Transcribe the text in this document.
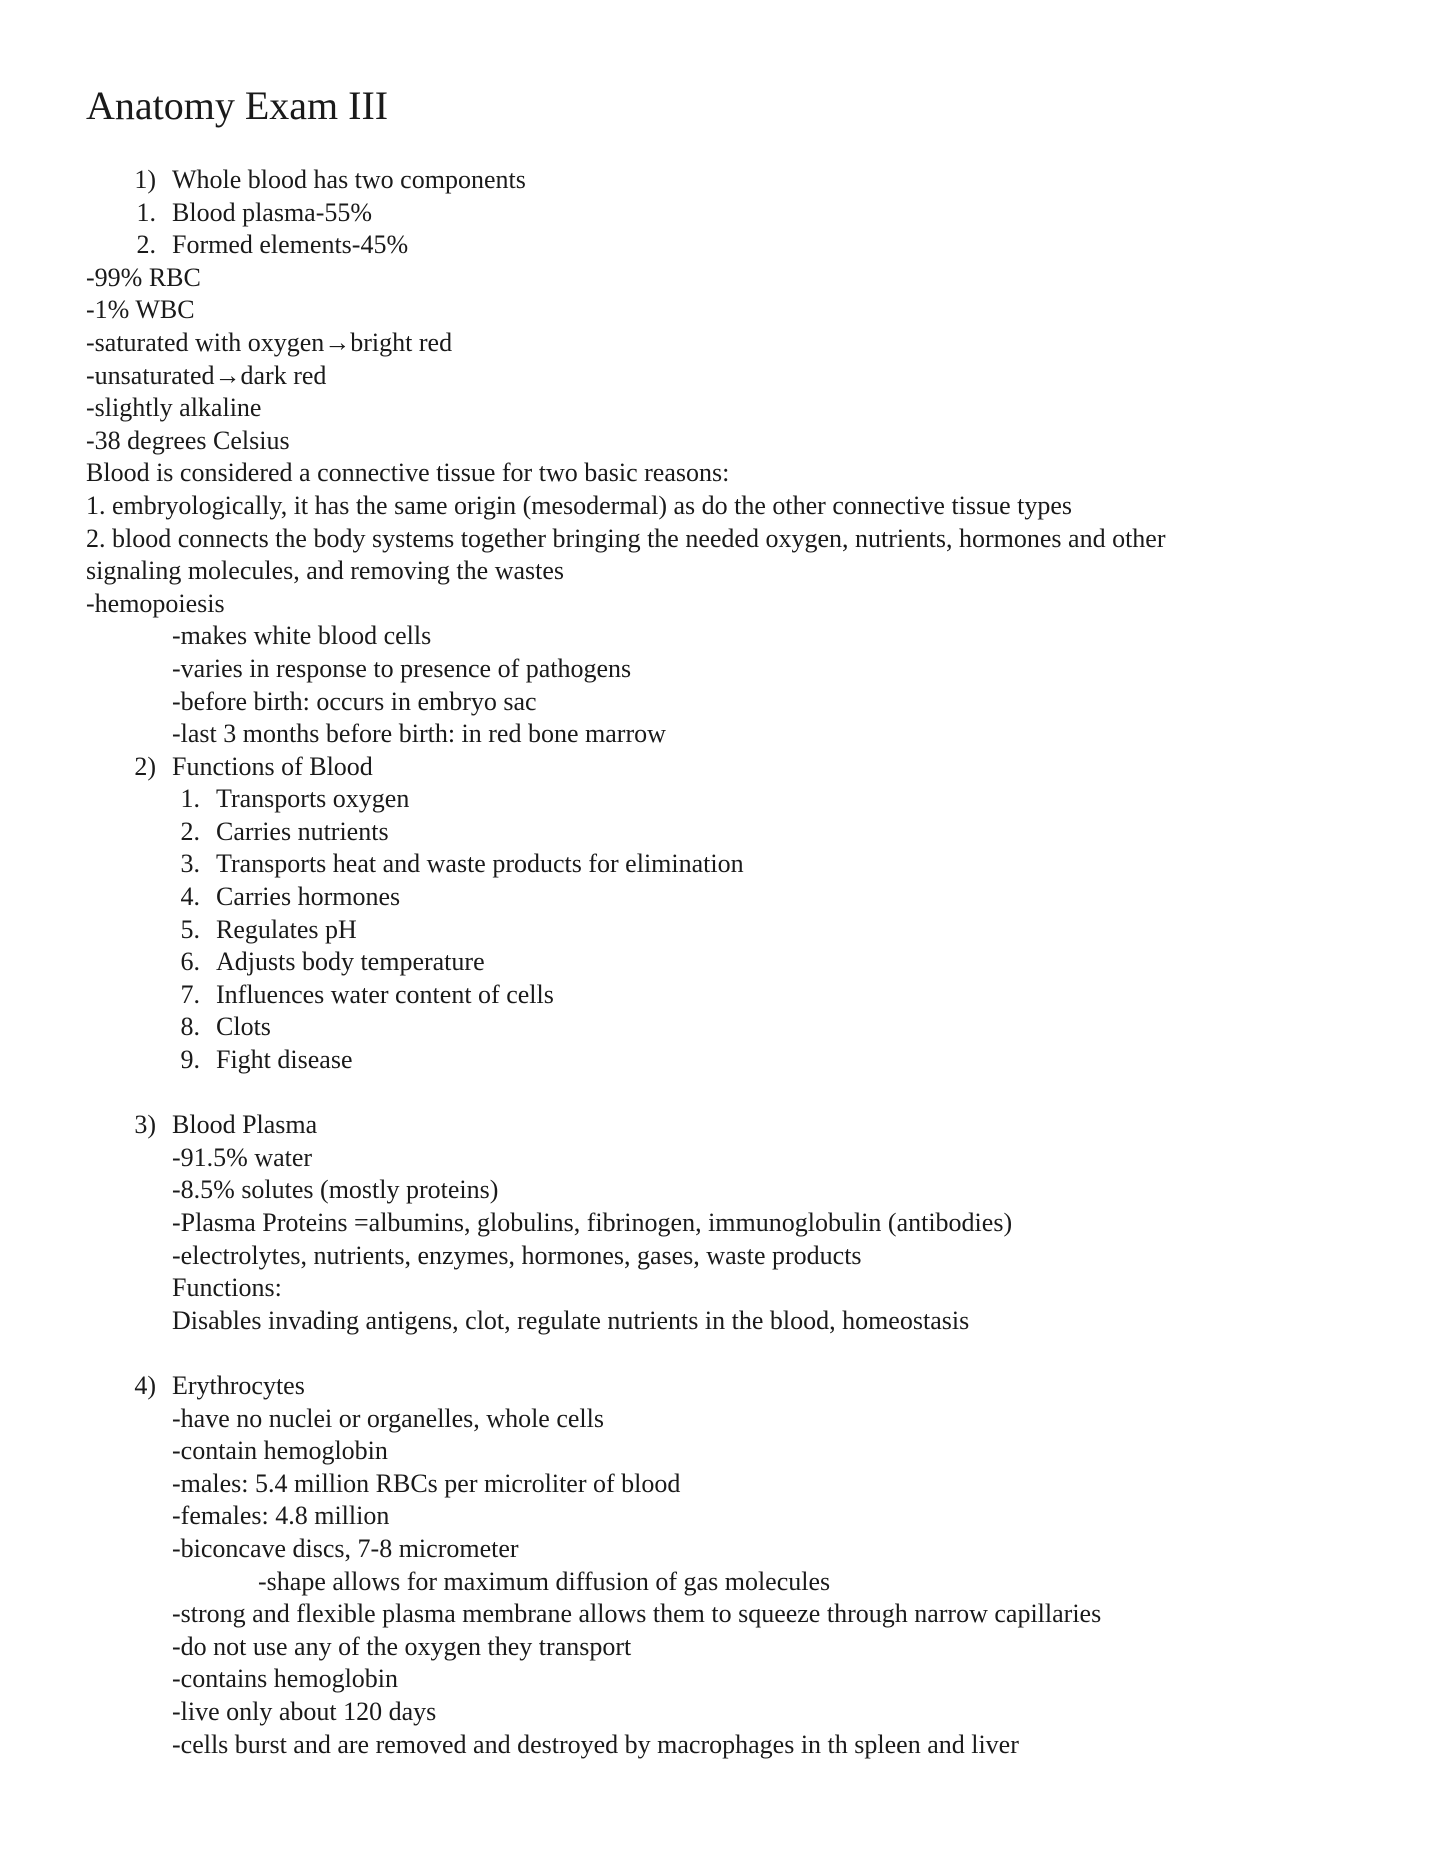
Anatomy Exam III
1) Whole blood has two components
1. Blood plasma-55%
2. Formed elements-45%
-99% RBC
-1% WBC
-saturated with oxygen→bright red
-unsaturated→dark red
-slightly alkaline
-38 degrees Celsius
Blood is considered a connective tissue for two basic reasons:
1. embryologically, it has the same origin (mesodermal) as do the other connective tissue types
2. blood connects the body systems together bringing the needed oxygen, nutrients, hormones and other
signaling molecules, and removing the wastes
-hemopoiesis
-makes white blood cells
-varies in response to presence of pathogens
-before birth: occurs in embryo sac
-last 3 months before birth: in red bone marrow
2) Functions of Blood
1. Transports oxygen
2. Carries nutrients
3. Transports heat and waste products for elimination
4. Carries hormones
5. Regulates pH
6. Adjusts body temperature
7. Influences water content of cells
8. Clots
9. Fight disease
3) Blood Plasma
-91.5% water
-8.5% solutes (mostly proteins)
-Plasma Proteins =albumins, globulins, fibrinogen, immunoglobulin (antibodies)
-electrolytes, nutrients, enzymes, hormones, gases, waste products
Functions:
Disables invading antigens, clot, regulate nutrients in the blood, homeostasis
4) Erythrocytes
-have no nuclei or organelles, whole cells
-contain hemoglobin
-males: 5.4 million RBCs per microliter of blood
-females: 4.8 million
-biconcave discs, 7-8 micrometer
-shape allows for maximum diffusion of gas molecules
-strong and flexible plasma membrane allows them to squeeze through narrow capillaries
-do not use any of the oxygen they transport
-contains hemoglobin
-live only about 120 days
-cells burst and are removed and destroyed by macrophages in th spleen and liver
